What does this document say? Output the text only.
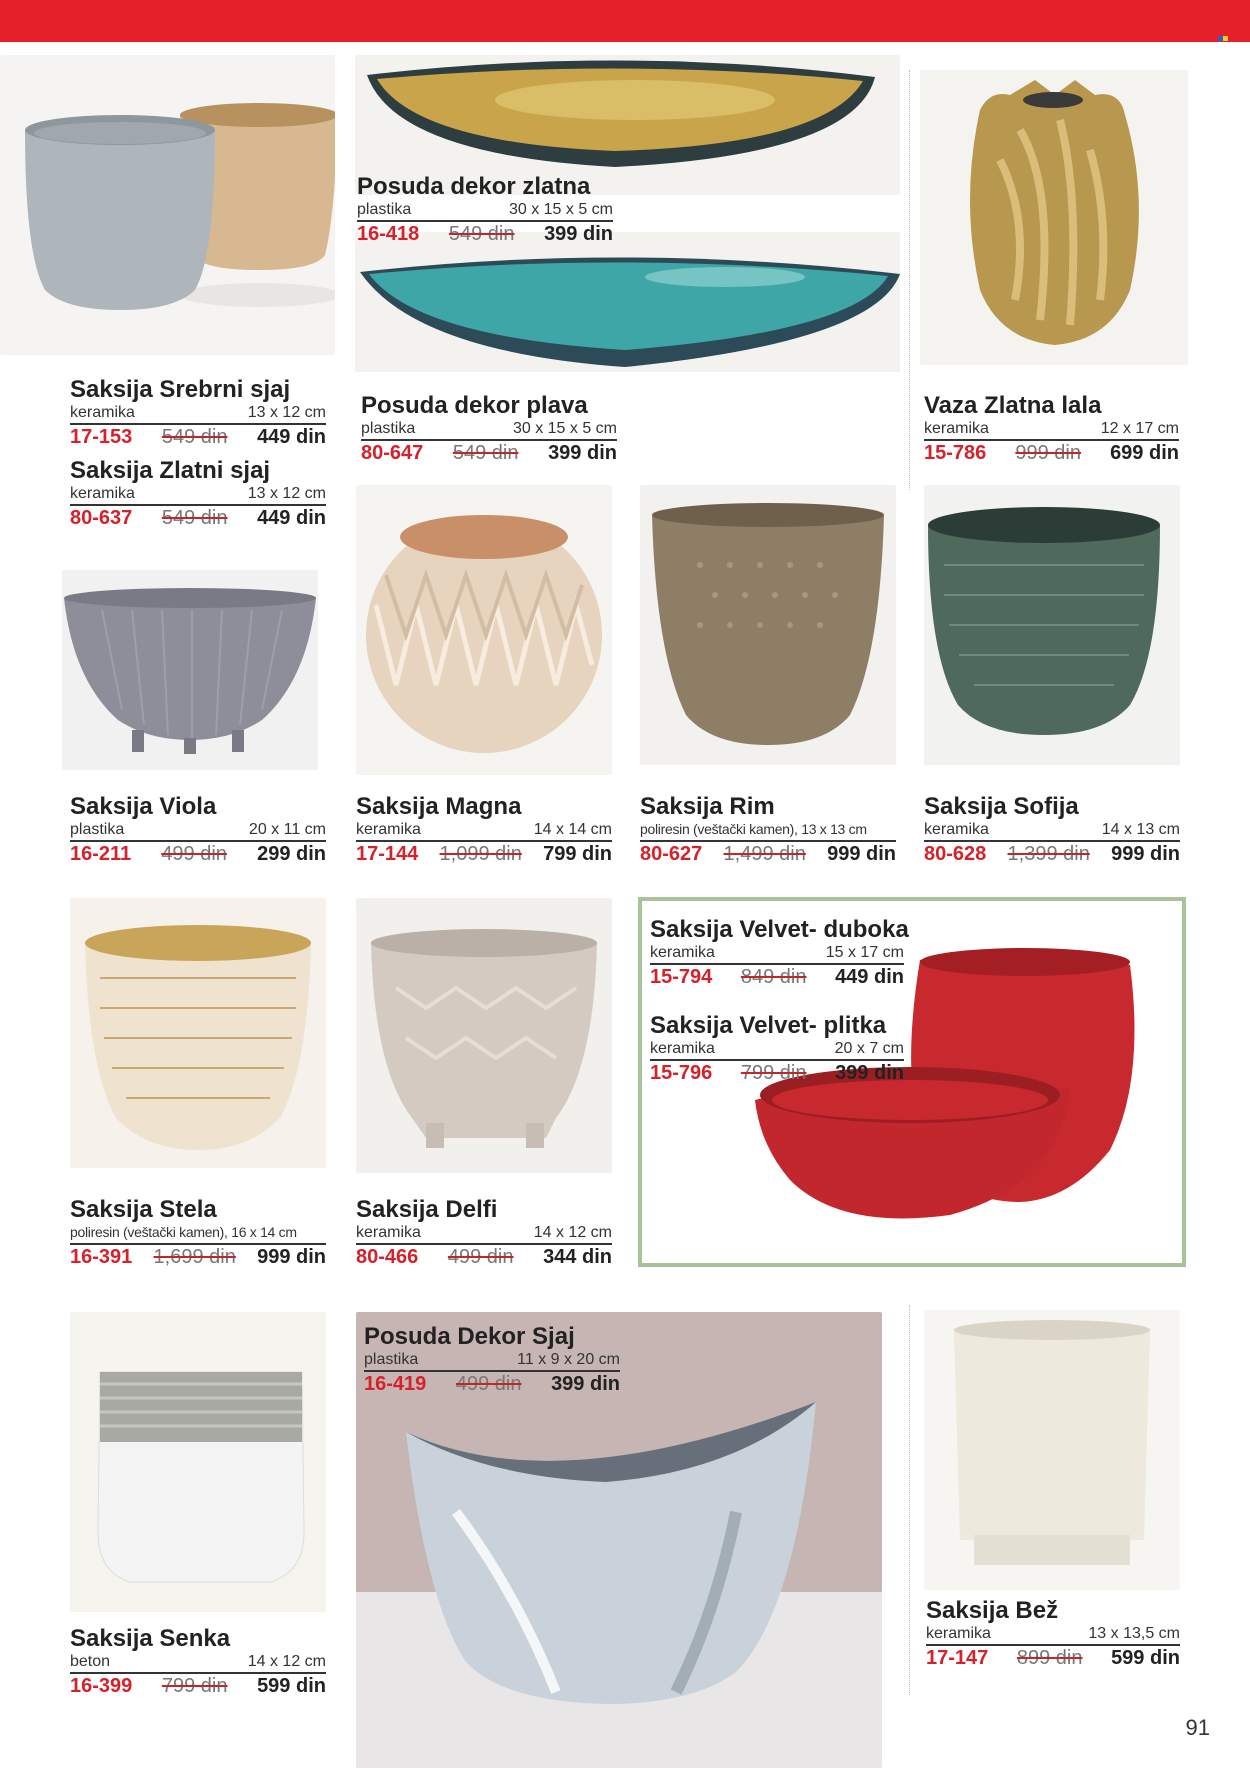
Saksija Srebrni sjaj
keramika	13 x 12 cm
17-153 549 din 449 din
Saksija Zlatni sjaj
keramika	13 x 12 cm
80-637 549 din 449 din
Posuda dekor zlatna
plastika	30 x 15 x 5 cm
16-418 549 din 399 din
Posuda dekor plava
plastika	30 x 15 x 5 cm
80-647 549 din 399 din
Vaza Zlatna lala
keramika	12 x 17 cm
15-786 999 din 699 din
Saksija Viola
plastika	20 x 11 cm
16-211 499 din 299 din
Saksija Magna
keramika	14 x 14 cm
17-144 1,099 din 799 din
Saksija Rim
poliresin (veštački kamen), 13 x 13 cm
80-627 1,499 din 999 din
Saksija Sofija
keramika	14 x 13 cm
80-628 1,399 din 999 din
Saksija Stela
poliresin (veštački kamen), 16 x 14 cm
16-391 1,699 din 999 din
Saksija Delfi
keramika	14 x 12 cm
80-466 499 din 344 din
Saksija Velvet- duboka
keramika	15 x 17 cm
15-794 849 din 449 din
Saksija Velvet- plitka
keramika	20 x 7 cm
15-796 799 din 399 din
Saksija Senka
beton	14 x 12 cm
16-399 799 din 599 din
Posuda Dekor Sjaj
plastika	11 x 9 x 20 cm
16-419 499 din 399 din
Saksija Bež
keramika	13 x 13,5 cm
17-147 899 din 599 din
91
